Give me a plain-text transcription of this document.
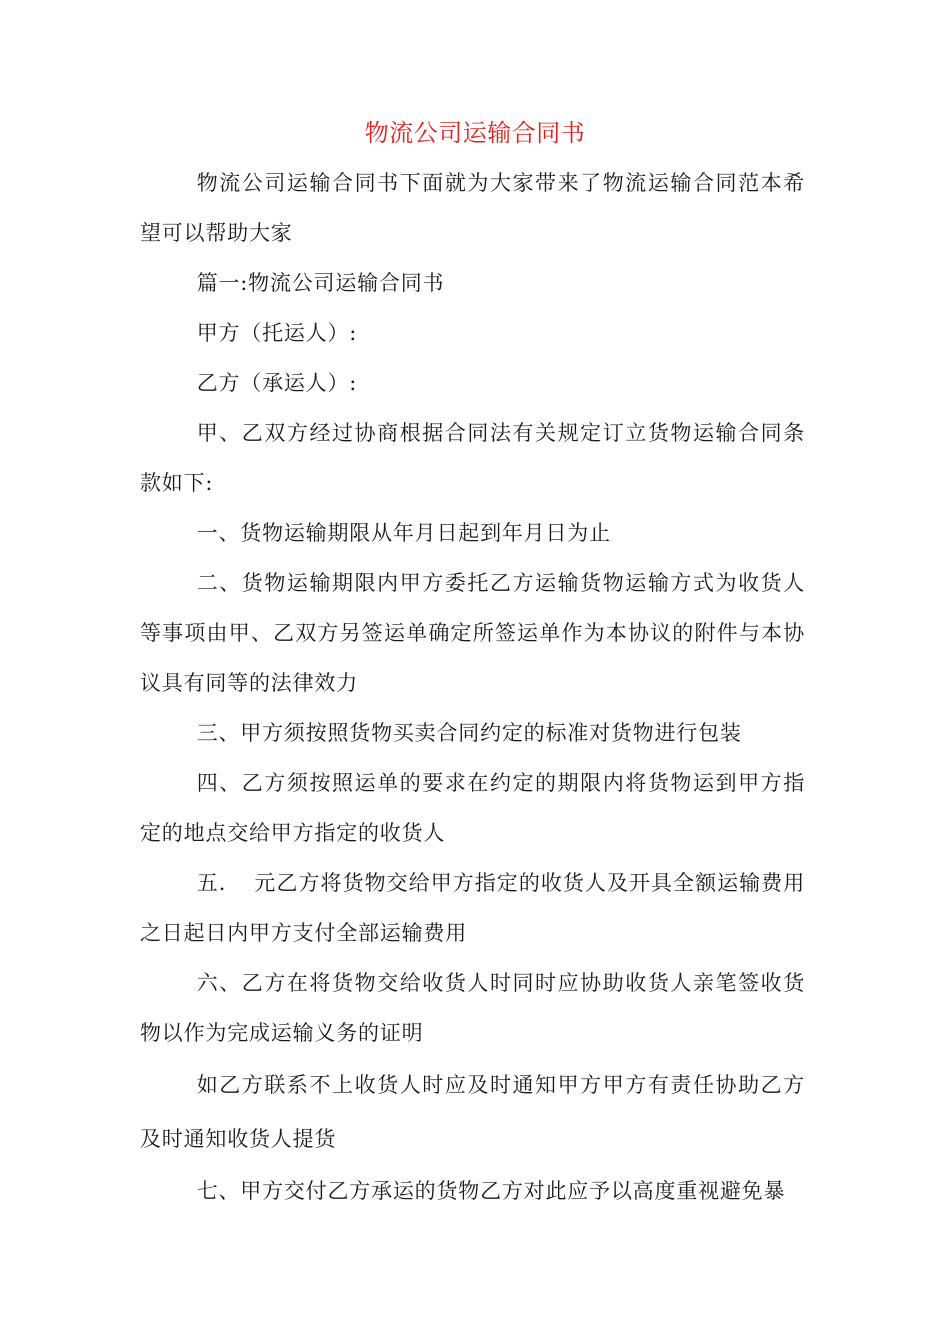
物流公司运输合同书

物流公司运输合同书下面就为大家带来了物流运输合同范本希望可以帮助大家

篇一:物流公司运输合同书

甲方（托运人）:

乙方（承运人）:

甲、乙双方经过协商根据合同法有关规定订立货物运输合同条款如下:

一、货物运输期限从年月日起到年月日为止

二、货物运输期限内甲方委托乙方运输货物运输方式为收货人等事项由甲、乙双方另签运单确定所签运单作为本协议的附件与本协议具有同等的法律效力

三、甲方须按照货物买卖合同约定的标准对货物进行包装

四、乙方须按照运单的要求在约定的期限内将货物运到甲方指定的地点交给甲方指定的收货人

五. 元乙方将货物交给甲方指定的收货人及开具全额运输费用之日起日内甲方支付全部运输费用

六、乙方在将货物交给收货人时同时应协助收货人亲笔签收货物以作为完成运输义务的证明

如乙方联系不上收货人时应及时通知甲方甲方有责任协助乙方及时通知收货人提货

七、甲方交付乙方承运的货物乙方对此应予以高度重视避免暴
